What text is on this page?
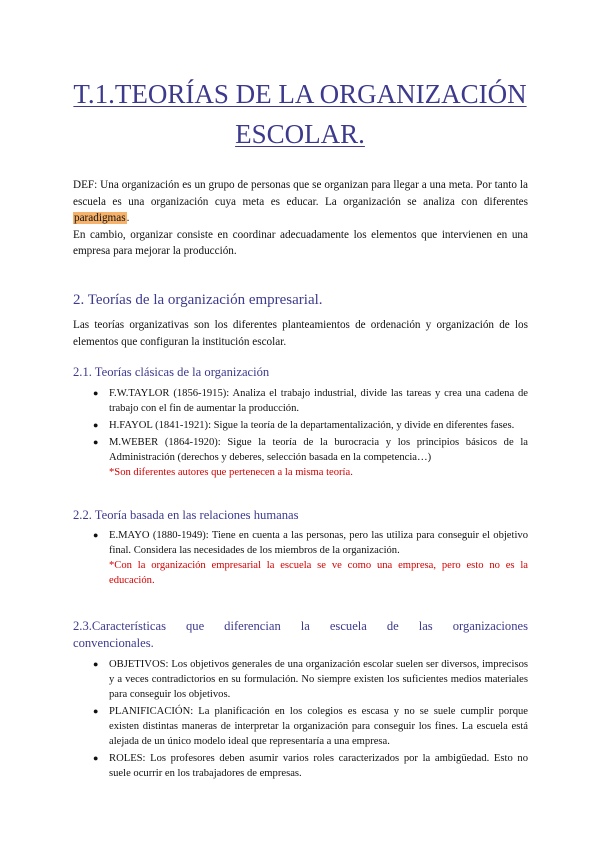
T.1.TEORÍAS DE LA ORGANIZACIÓN ESCOLAR.
DEF: Una organización es un grupo de personas que se organizan para llegar a una meta. Por tanto la escuela es una organización cuya meta es educar. La organización se analiza con diferentes paradigmas.
En cambio, organizar consiste en coordinar adecuadamente los elementos que intervienen en una empresa para mejorar la producción.
2. Teorías de la organización empresarial.
Las teorías organizativas son los diferentes planteamientos de ordenación y organización de los elementos que configuran la institución escolar.
2.1. Teorías clásicas de la organización
● F.W.TAYLOR (1856-1915): Analiza el trabajo industrial, divide las tareas y crea una cadena de trabajo con el fin de aumentar la producción.
● H.FAYOL (1841-1921): Sigue la teoría de la departamentalización, y divide en diferentes fases.
● M.WEBER (1864-1920): Sigue la teoría de la burocracia y los principios básicos de la Administración (derechos y deberes, selección basada en la competencia…)
*Son diferentes autores que pertenecen a la misma teoría.
2.2. Teoría basada en las relaciones humanas
● E.MAYO (1880-1949): Tiene en cuenta a las personas, pero las utiliza para conseguir el objetivo final. Considera las necesidades de los miembros de la organización.
*Con la organización empresarial la escuela se ve como una empresa, pero esto no es la educación.
2.3.Características que diferencian la escuela de las organizaciones
convencionales.
● OBJETIVOS: Los objetivos generales de una organización escolar suelen ser diversos, imprecisos y a veces contradictorios en su formulación. No siempre existen los suficientes medios materiales para conseguir los objetivos.
● PLANIFICACIÓN: La planificación en los colegios es escasa y no se suele cumplir porque existen distintas maneras de interpretar la organización para conseguir los fines. La escuela está alejada de un único modelo ideal que representaría a una empresa.
● ROLES: Los profesores deben asumir varios roles caracterizados por la ambigüedad. Esto no suele ocurrir en los trabajadores de empresas.
